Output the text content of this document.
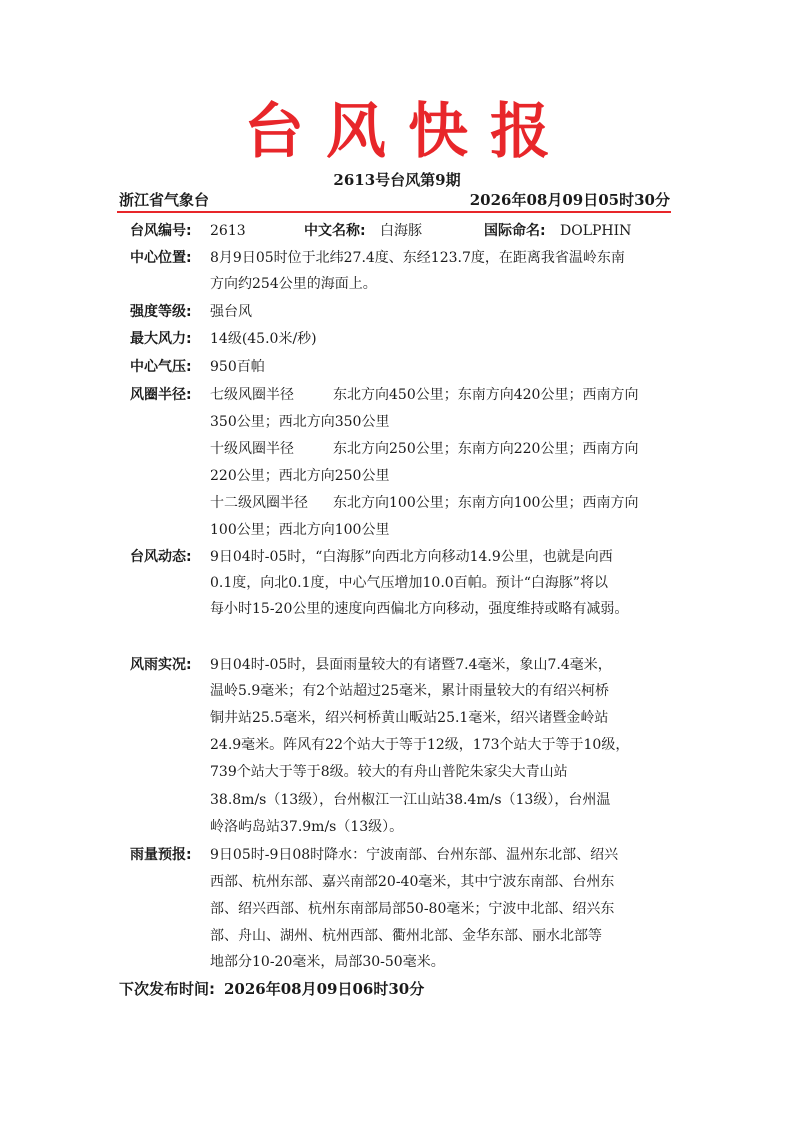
台风快报
2613号台风第9期
浙江省气象台	2026年08月09日05时30分
台风编号: 2613	中文名称: 白海豚	国际命名: DOLPHIN
中心位置: 8月9日05时位于北纬27.4度、东经123.7度，在距离我省温岭东南
方向约254公里的海面上。
强度等级: 强台风
最大风力: 14级(45.0米/秒)
中心气压: 950百帕
风圈半径: 七级风圈半径	东北方向450公里；东南方向420公里；西南方向
350公里；西北方向350公里
十级风圈半径	东北方向250公里；东南方向220公里；西南方向
220公里；西北方向250公里
十二级风圈半径 东北方向100公里；东南方向100公里；西南方向
100公里；西北方向100公里
台风动态: 9日04时-05时，“白海豚”向西北方向移动14.9公里，也就是向西
0.1度，向北0.1度，中心气压增加10.0百帕。预计“白海豚”将以
每小时15-20公里的速度向西偏北方向移动，强度维持或略有减弱。
风雨实况: 9日04时-05时，县面雨量较大的有诸暨7.4毫米，象山7.4毫米，
温岭5.9毫米；有2个站超过25毫米，累计雨量较大的有绍兴柯桥
铜井站25.5毫米，绍兴柯桥黄山畈站25.1毫米，绍兴诸暨金岭站
24.9毫米。阵风有22个站大于等于12级，173个站大于等于10级，
739个站大于等于8级。较大的有舟山普陀朱家尖大青山站
38.8m/s（13级），台州椒江一江山站38.4m/s（13级），台州温
岭洛屿岛站37.9m/s（13级）。
雨量预报: 9日05时-9日08时降水：宁波南部、台州东部、温州东北部、绍兴
西部、杭州东部、嘉兴南部20-40毫米，其中宁波东南部、台州东
部、绍兴西部、杭州东南部局部50-80毫米；宁波中北部、绍兴东
部、舟山、湖州、杭州西部、衢州北部、金华东部、丽水北部等
地部分10-20毫米，局部30-50毫米。
下次发布时间: 2026年08月09日06时30分
